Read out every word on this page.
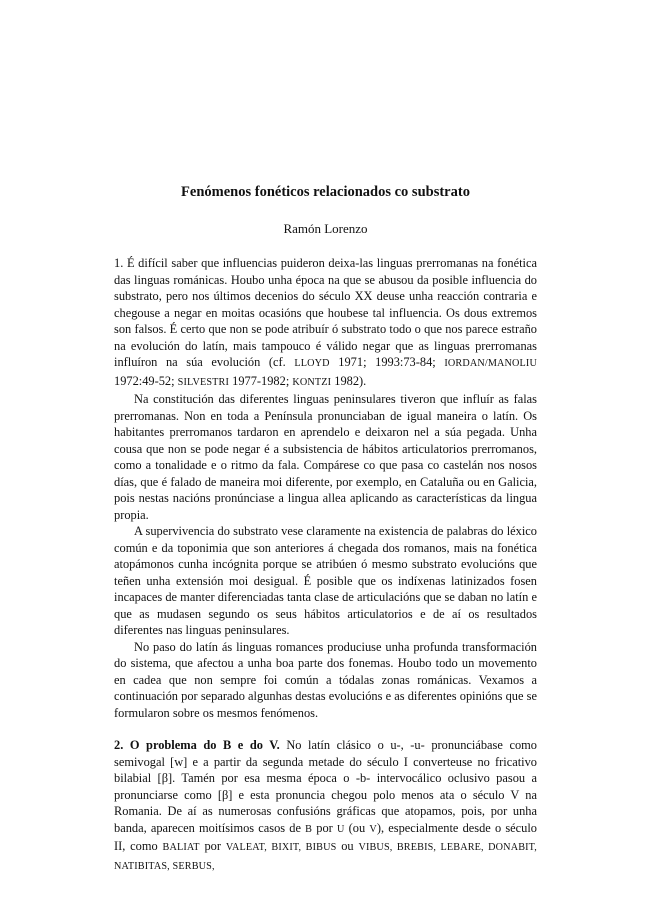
Fenómenos fonéticos relacionados co substrato
Ramón Lorenzo

1. É difícil saber que influencias puideron deixa-las linguas prerromanas na fonética das linguas románicas. Houbo unha época na que se abusou da posible influencia do substrato, pero nos últimos decenios do século XX deuse unha reacción contraria e chegouse a negar en moitas ocasións que houbese tal influencia. Os dous extremos son falsos. É certo que non se pode atribuír ó substrato todo o que nos parece estraño na evolución do latín, mais tampouco é válido negar que as linguas prerromanas influíron na súa evolución (cf. LLOYD 1971; 1993:73-84; IORDAN/MANOLIU 1972:49-52; SILVESTRI 1977-1982; KONTZI 1982).

Na constitución das diferentes linguas peninsulares tiveron que influír as falas prerromanas. Non en toda a Península pronunciaban de igual maneira o latín. Os habitantes prerromanos tardaron en aprendelo e deixaron nel a súa pegada. Unha cousa que non se pode negar é a subsistencia de hábitos articulatorios prerromanos, como a tonalidade e o ritmo da fala. Compárese co que pasa co castelán nos nosos días, que é falado de maneira moi diferente, por exemplo, en Cataluña ou en Galicia, pois nestas nacións pronúnciase a lingua allea aplicando as características da lingua propia.

A supervivencia do substrato vese claramente na existencia de palabras do léxico común e da toponimia que son anteriores á chegada dos romanos, mais na fonética atopámonos cunha incógnita porque se atribúen ó mesmo substrato evolucións que teñen unha extensión moi desigual. É posible que os indíxenas latinizados fosen incapaces de manter diferenciadas tanta clase de articulacións que se daban no latín e que as mudasen segundo os seus hábitos articulatorios e de aí os resultados diferentes nas linguas peninsulares.

No paso do latín ás linguas romances produciuse unha profunda transformación do sistema, que afectou a unha boa parte dos fonemas. Houbo todo un movemento en cadea que non sempre foi común a tódalas zonas románicas. Vexamos a continuación por separado algunhas destas evolucións e as diferentes opinións que se formularon sobre os mesmos fenómenos.

2. O problema do B e do V. No latín clásico o u-, -u- pronunciábase como semivogal [w] e a partir da segunda metade do século I converteuse no fricativo bilabial [β]. Tamén por esa mesma época o -b- intervocálico oclusivo pasou a pronunciarse como [β] e esta pronuncia chegou polo menos ata o século V na Romania. De aí as numerosas confusións gráficas que atopamos, pois, por unha banda, aparecen moitísimos casos de B por U (ou V), especialmente desde o século II, como BALIAT por VALEAT, BIXIT, BIBUS ou VIBUS, BREBIS, LEBARE, DONABIT, NATIBITAS, SERBUS,
